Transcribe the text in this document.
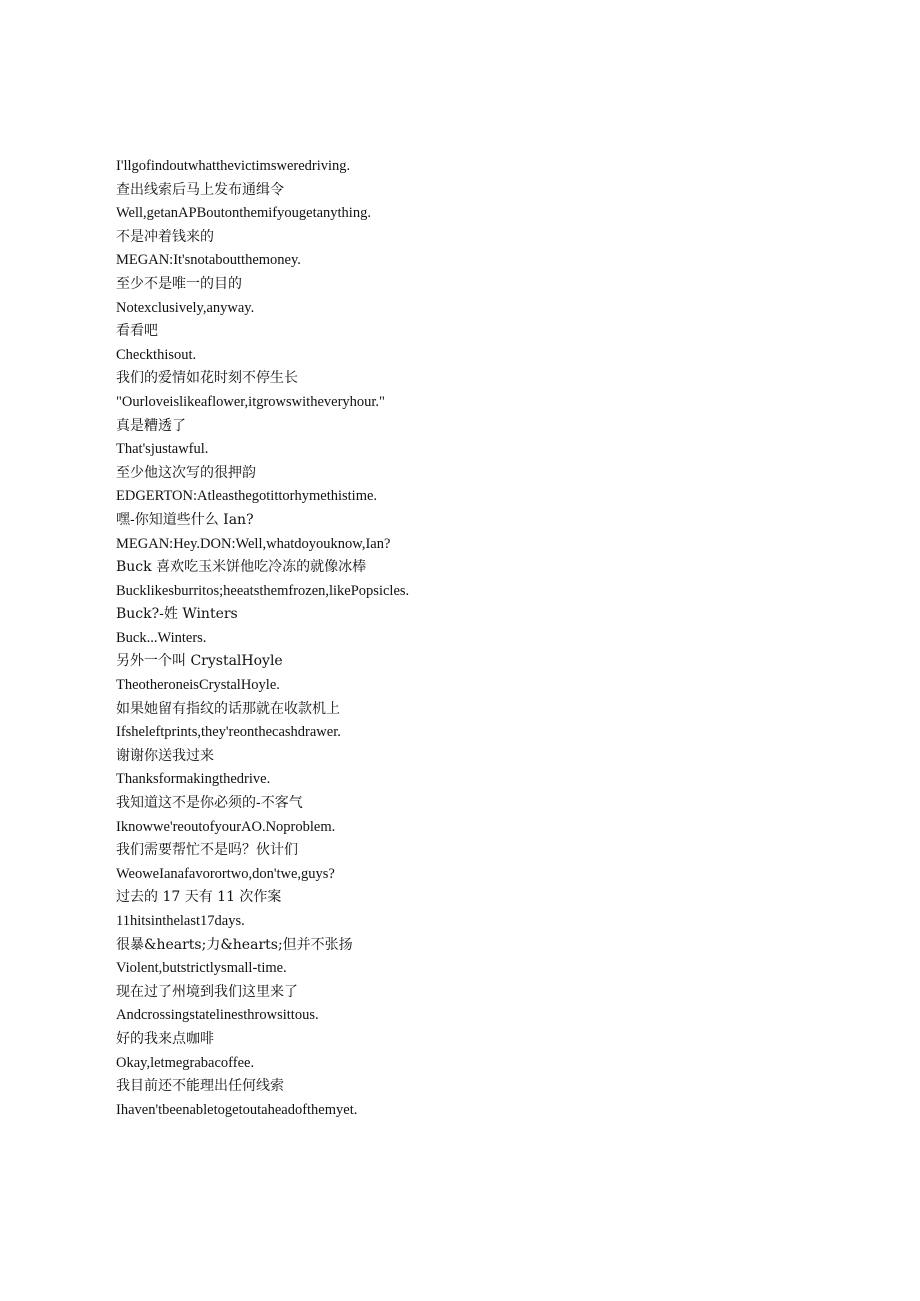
I'llgofindoutwhatthevictimsweredriving.
查出线索后马上发布通缉令
Well,getanAPBoutonthemifyougetanything.
不是冲着钱来的
MEGAN:It'snotaboutthemoney.
至少不是唯一的目的
Notexclusively,anyway.
看看吧
Checkthisout.
我们的爱情如花时刻不停生长
"Ourloveislikeaflower,itgrowswitheveryhour."
真是糟透了
That'sjustawful.
至少他这次写的很押韵
EDGERTON:Atleasthegotittorhymethistime.
嘿-你知道些什么 Ian?
MEGAN:Hey.DON:Well,whatdoyouknow,Ian?
Buck 喜欢吃玉米饼他吃冷冻的就像冰棒
Bucklikesburritos;heeatsthemfrozen,likePopsicles.
Buck?-姓 Winters
Buck...Winters.
另外一个叫 CrystalHoyle
TheotheroneisCrystalHoyle.
如果她留有指纹的话那就在收款机上
Ifsheleftprints,they'reonthecashdrawer.
谢谢你送我过来
Thanksformakingthedrive.
我知道这不是你必须的-不客气
Iknowwe'reoutofyourAO.Noproblem.
我们需要帮忙不是吗？伙计们
WeoweIanafavorortwo,don'twe,guys?
过去的 17 天有 11 次作案
11hitsinthelast17days.
很暴&hearts;力&hearts;但并不张扬
Violent,butstrictlysmall-time.
现在过了州境到我们这里来了
Andcrossingstatelinesthrowsittous.
好的我来点咖啡
Okay,letmegrabacoffee.
我目前还不能理出任何线索
Ihaven'tbeenabletogetoutaheadofthemyet.
